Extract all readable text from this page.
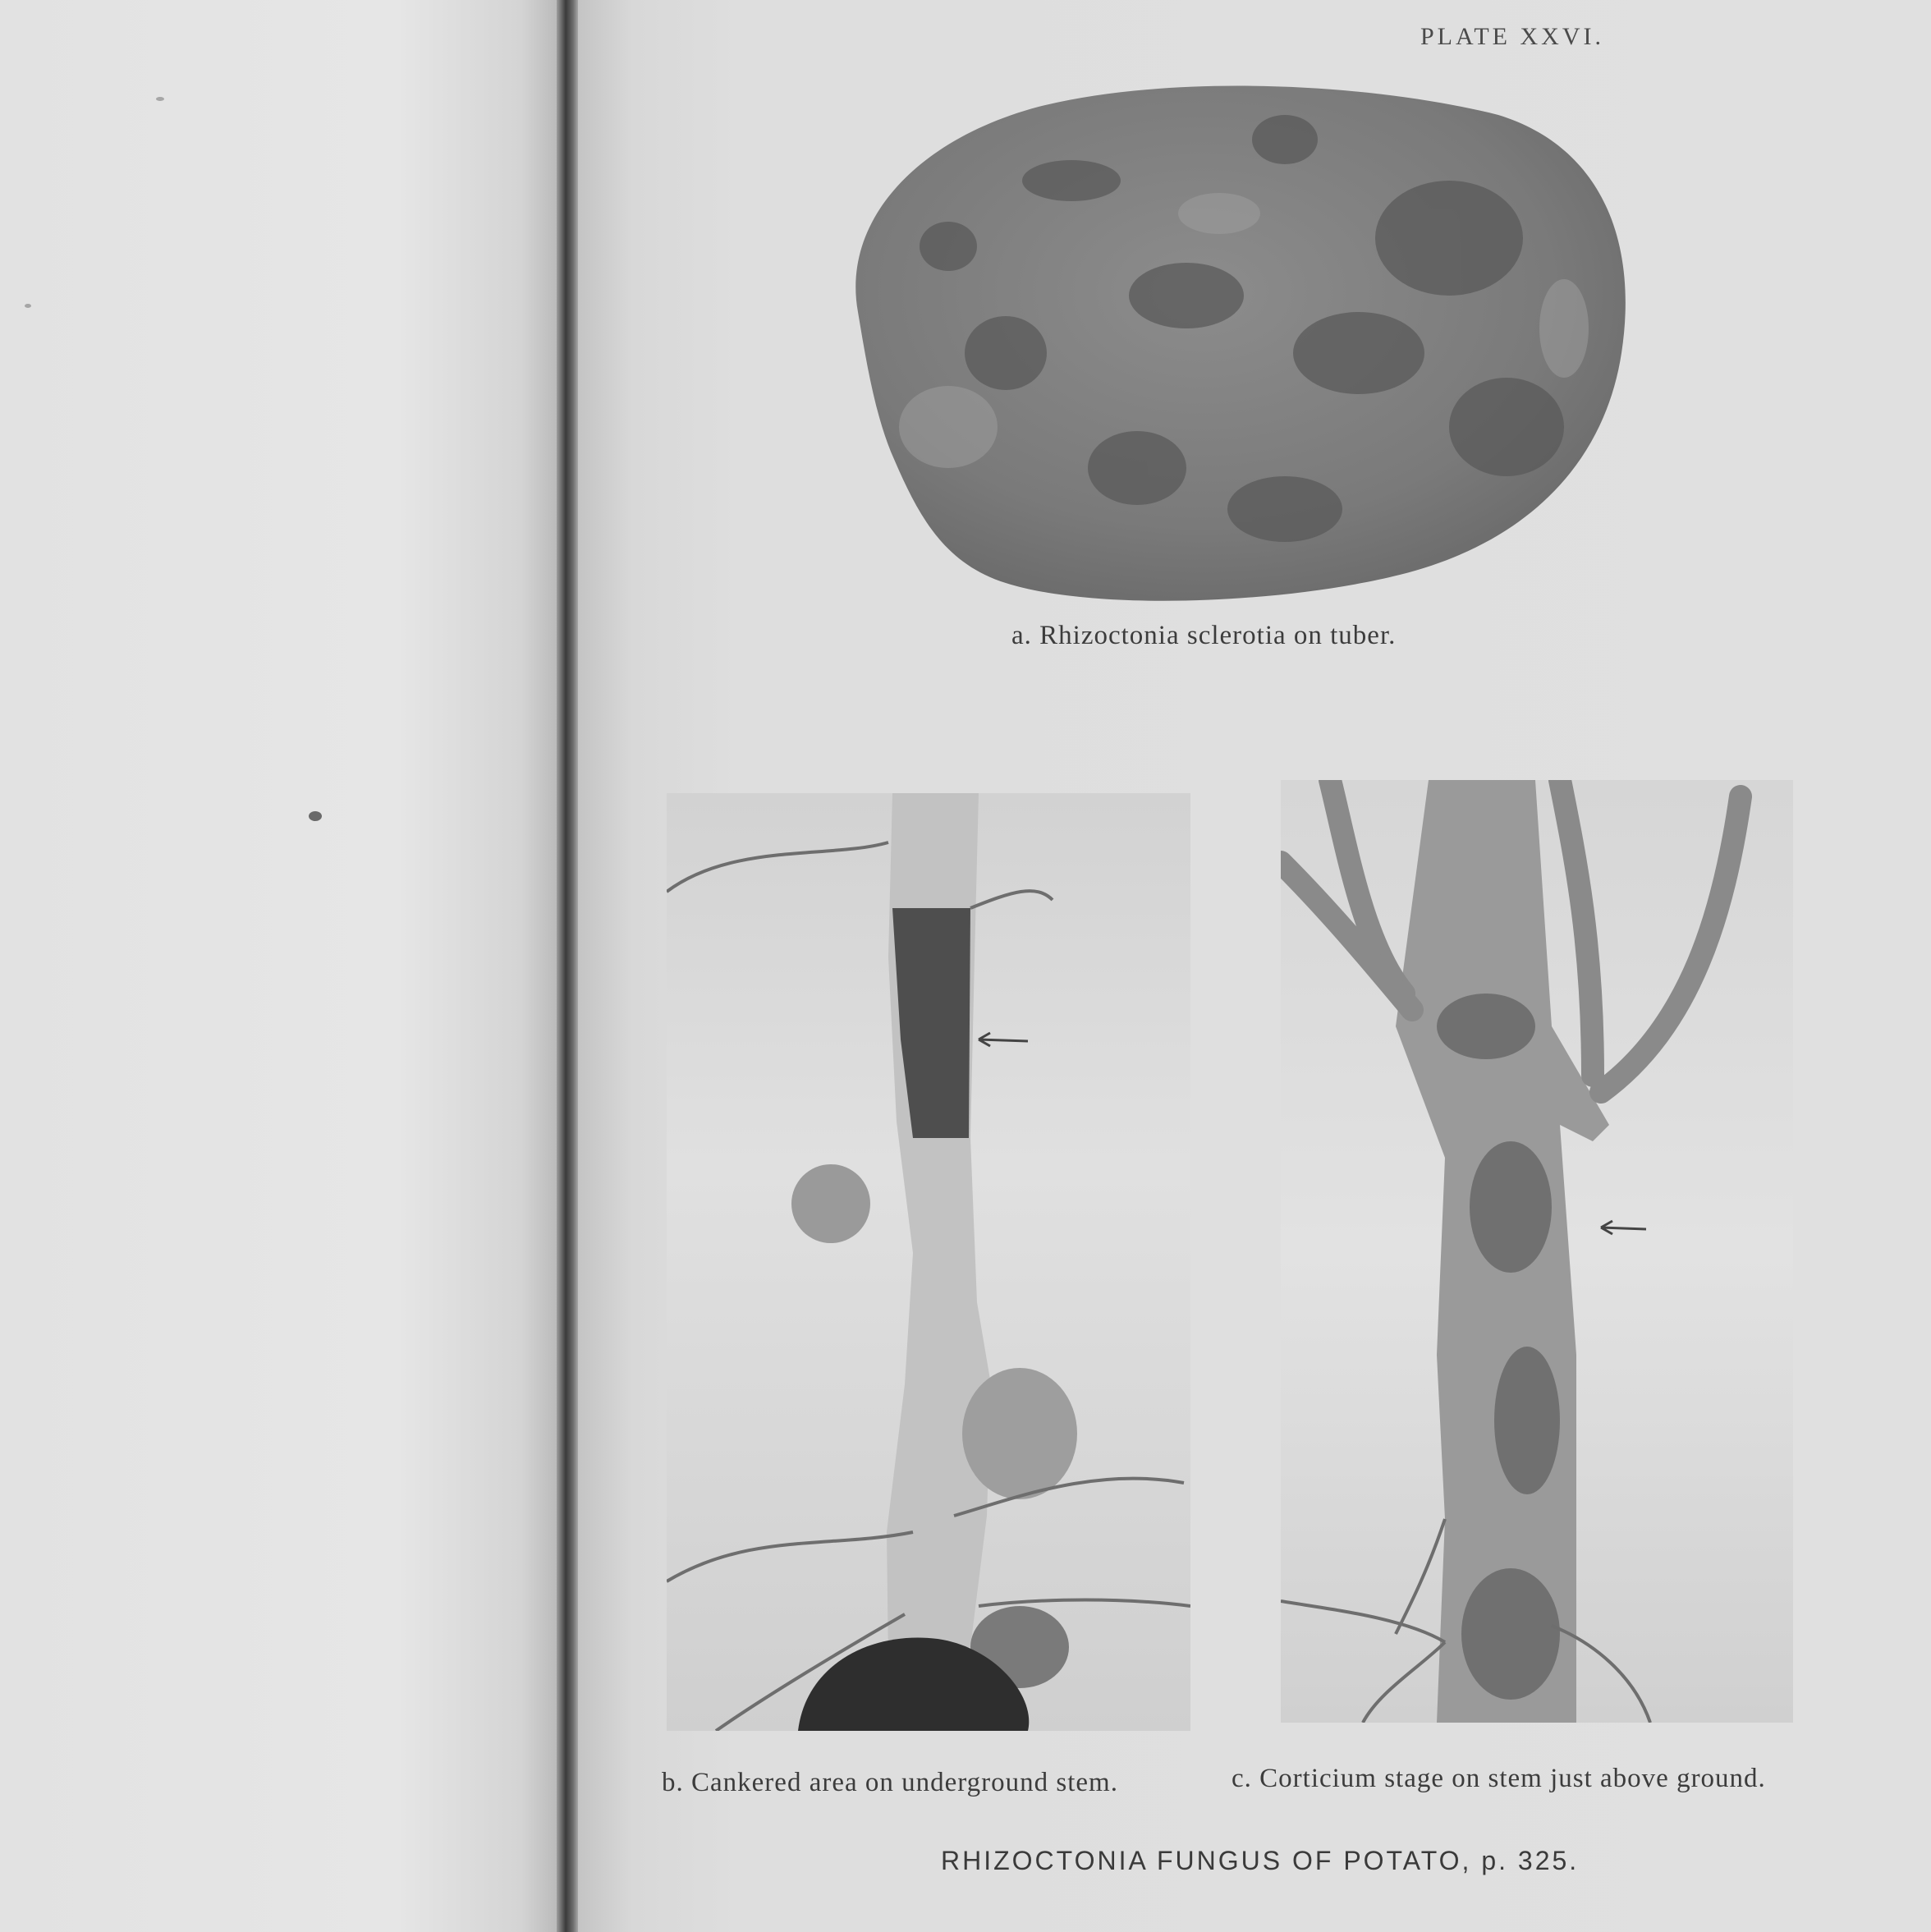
PLATE XXVI.
a. Rhizoctonia sclerotia on tuber.
b. Cankered area on underground stem.	c. Corticium stage on stem just above ground.
RHIZOCTONIA FUNGUS OF POTATO, p. 325.
